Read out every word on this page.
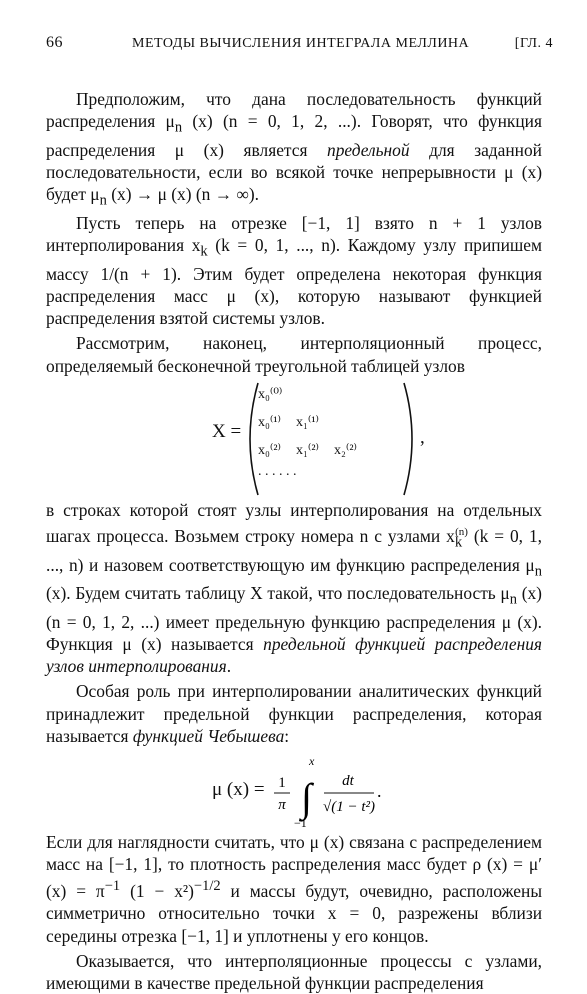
66	МЕТОДЫ ВЫЧИСЛЕНИЯ ИНТЕГРАЛА МЕЛЛИНА	[ГЛ. 4

Предположим, что дана последовательность функций распределения $\mu_n$ (x) (n = 0, 1, 2, ...). Говорят, что функция распределения μ (x) является предельной для заданной последовательности, если во всякой точке непрерывности μ (x) будет $\mu_n$ (x) → μ (x) (n → ∞).

Пусть теперь на отрезке [−1, 1] взято n + 1 узлов интерполирования $x_k$ (k = 0, 1, ..., n). Каждому узлу припишем массу 1/(n + 1). Этим будет определена некоторая функция распределения масс μ (x), которую называют функцией распределения взятой системы узлов.

Рассмотрим, наконец, интерполяционный процесс, определяемый бесконечной треугольной таблицей узлов

X =
x₀⁽⁰⁾
x₀⁽¹⁾ x₁⁽¹⁾
x₀⁽²⁾ x₁⁽²⁾ x₂⁽²⁾
. . . . . .
,

в строках которой стоят узлы интерполирования на отдельных шагах процесса. Возьмем строку номера n с узлами $x_k^{(n)}$ (k = 0, 1, ..., n) и назовем соответствующую им функцию распределения $\mu_n$ (x). Будем считать таблицу X такой, что последовательность $\mu_n$ (x) (n = 0, 1, 2, ...) имеет предельную функцию распределения μ (x). Функция μ (x) называется предельной функцией распределения узлов интерполирования.

Особая роль при интерполировании аналитических функций принадлежит предельной функции распределения, которая называется функцией Чебышева:

μ (x) = 1
π ∫
x
−1
dt
√(1 − t²)
.

Если для наглядности считать, что μ (x) связана с распределением масс на [−1, 1], то плотность распределения масс будет ρ (x) = μ′ $(x) = \pi^{-1}$ $(1 - x^2)^{-1/2}$ и массы будут, очевидно, расположены симметрично относительно точки x = 0, разрежены вблизи середины отрезка [−1, 1] и уплотнены у его концов.

Оказывается, что интерполяционные процессы с узлами, имеющими в качестве предельной функции распределения
